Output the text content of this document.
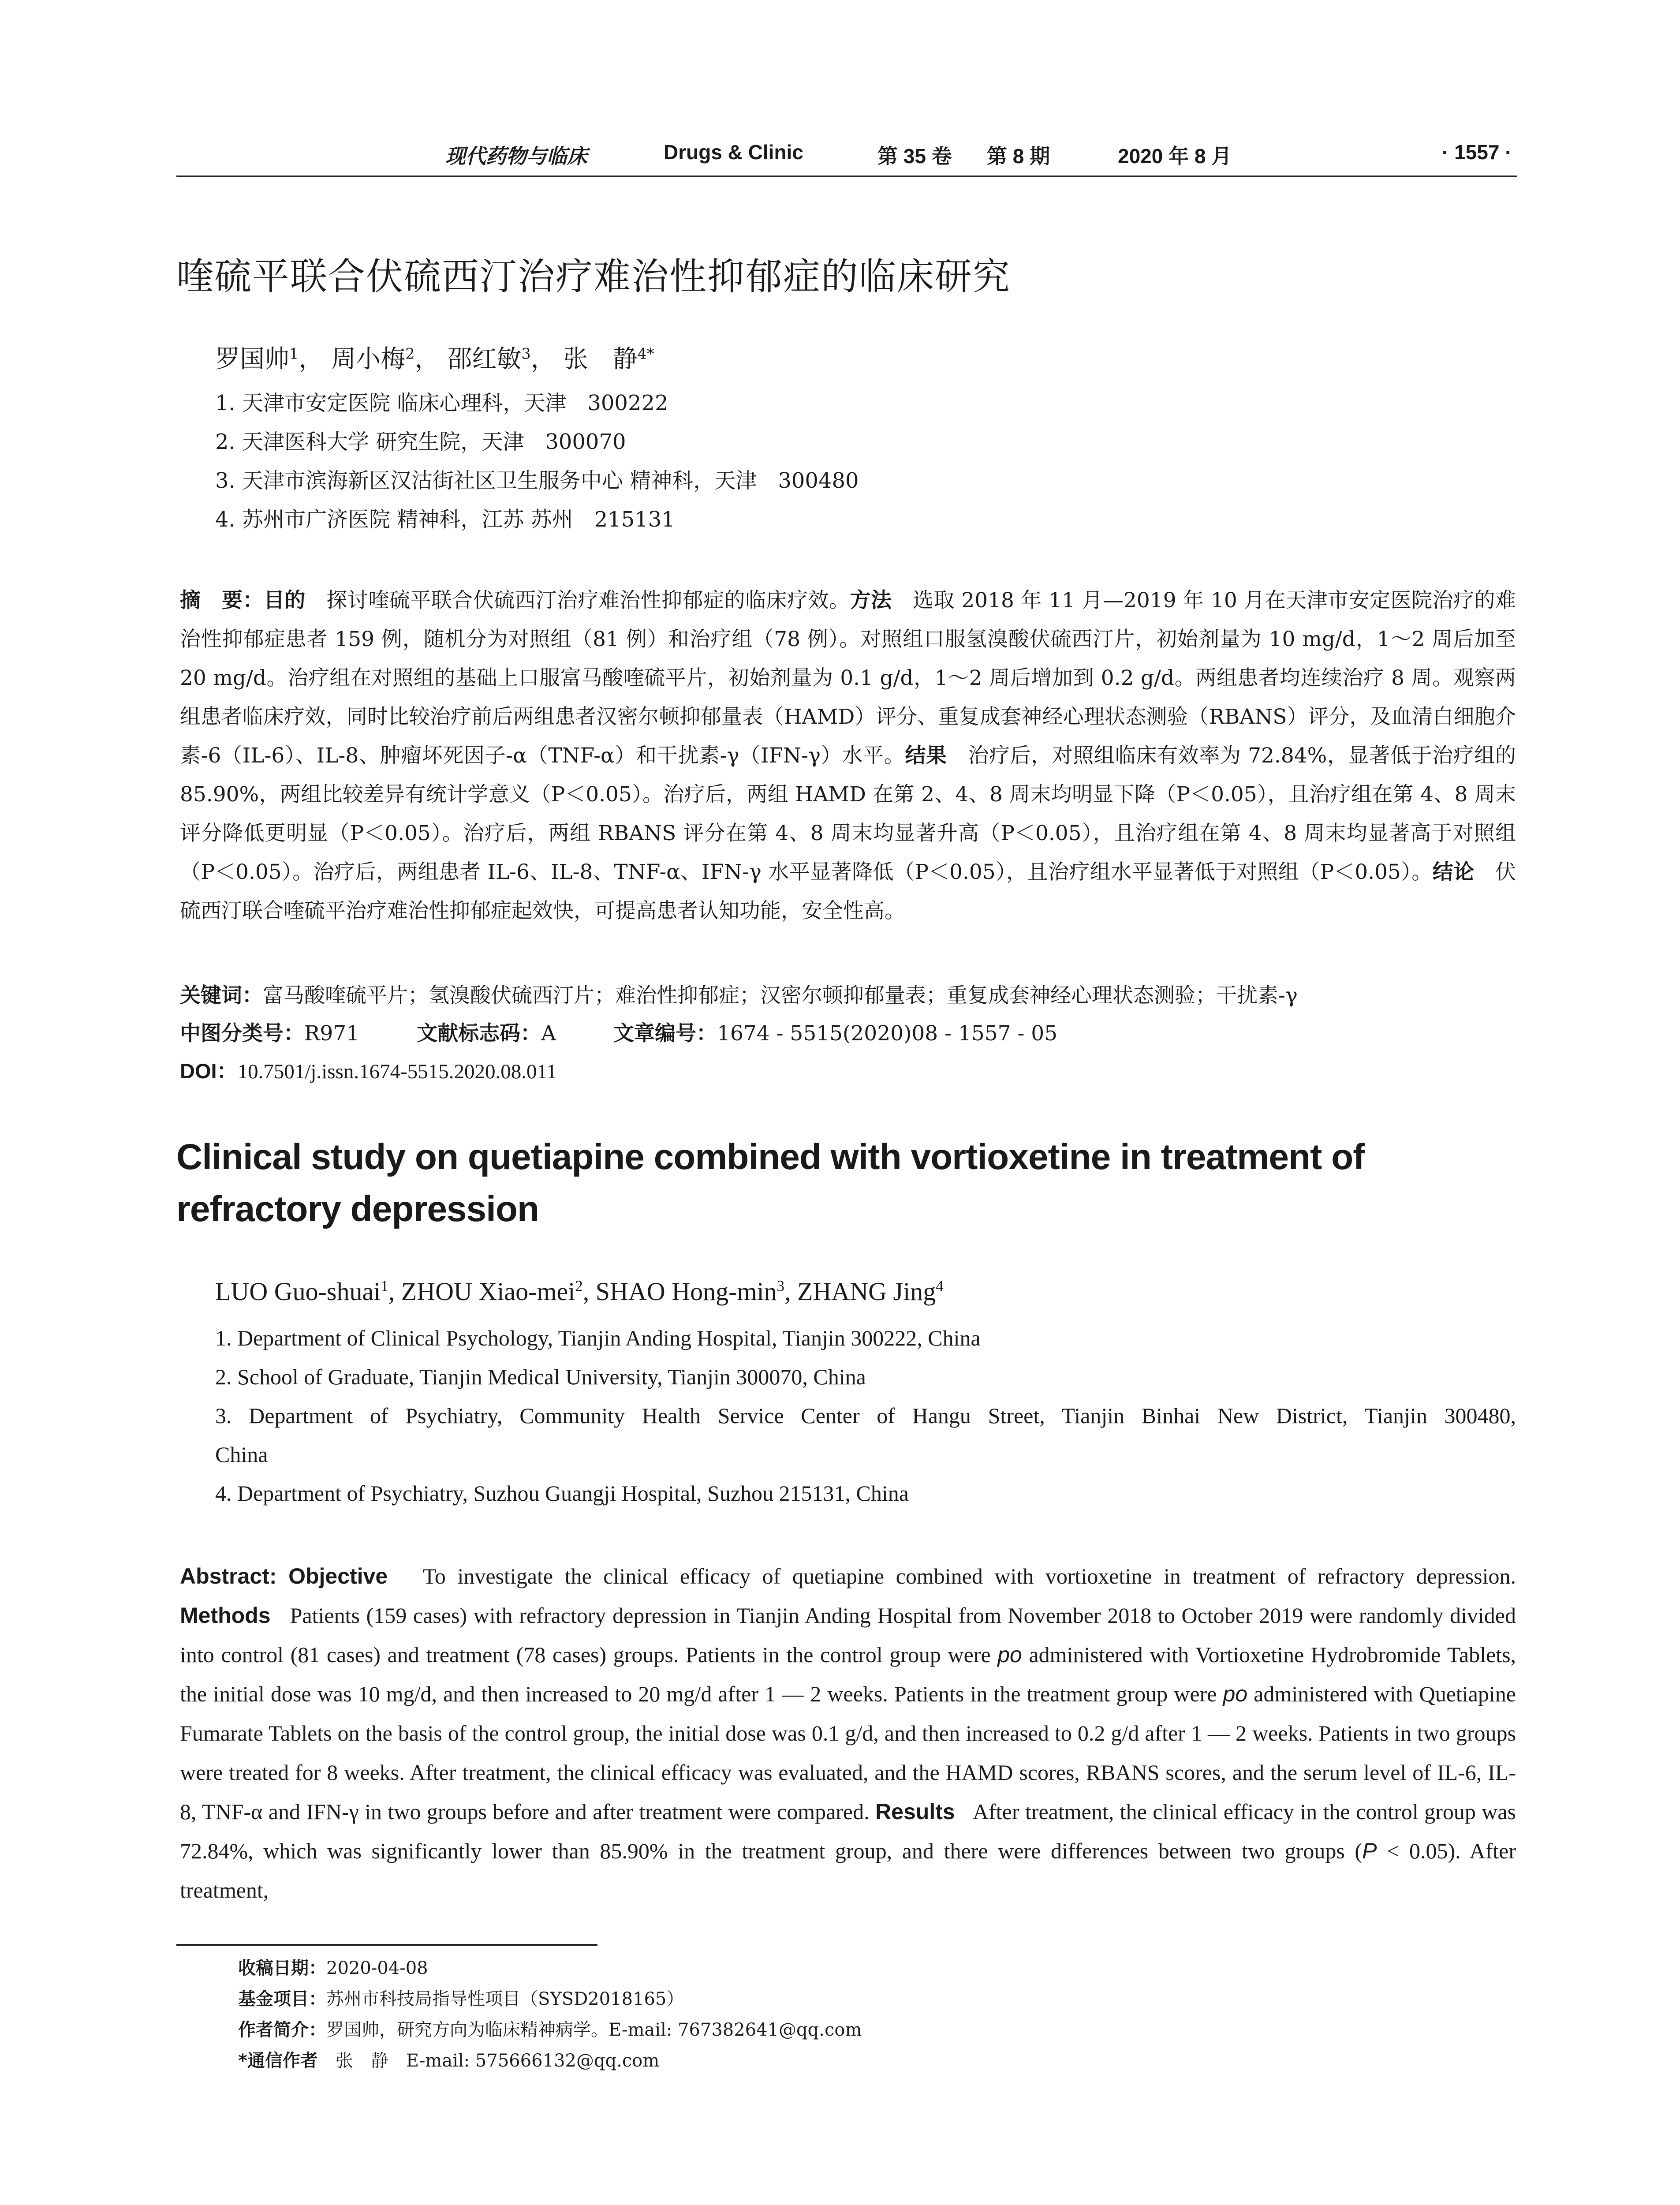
现代药物与临床	Drugs & Clinic	第 35 卷 第 8 期	2020 年 8 月	· 1557 ·
喹硫平联合伏硫西汀治疗难治性抑郁症的临床研究
罗国帅$^1$， 周小梅$^2$， 邵红敏$^3$， 张　静$^{4*}$
1. 天津市安定医院 临床心理科，天津　300222
2. 天津医科大学 研究生院，天津　300070
3. 天津市滨海新区汉沽街社区卫生服务中心 精神科，天津　300480
4. 苏州市广济医院 精神科，江苏 苏州　215131
摘　要：目的　 探讨喹硫平联合伏硫西汀治疗难治性抑郁症的临床疗效。方法　 选取 2018 年 11 月—2019 年 10 月在天津市安定医院治疗的难治性抑郁症患者 159 例，随机分为对照组（81 例）和治疗组（78 例）。对照组口服氢溴酸伏硫西汀片，初始剂量为 10 mg/d，1～2 周后加至 20 mg/d。治疗组在对照组的基础上口服富马酸喹硫平片，初始剂量为 0.1 g/d，1～2 周后增加到 0.2 g/d。两组患者均连续治疗 8 周。观察两组患者临床疗效，同时比较治疗前后两组患者汉密尔顿抑郁量表（HAMD）评分、重复成套神经心理状态测验（RBANS）评分，及血清白细胞介素-6（IL-6）、IL-8、肿瘤坏死因子-α（TNF-α）和干扰素-γ（IFN-γ）水平。结果　 治疗后，对照组临床有效率为 72.84%，显著低于治疗组的 85.90%，两组比较差异有统计学意义（P＜0.05）。治疗后，两组 HAMD 在第 2、4、8 周末均明显下降（P＜0.05），且治疗组在第 4、8 周末评分降低更明显（P＜0.05）。治疗后，两组 RBANS 评分在第 4、8 周末均显著升高（P＜0.05），且治疗组在第 4、8 周末均显著高于对照组（P＜0.05）。治疗后，两组患者 IL-6、IL-8、TNF-α、IFN-γ 水平显著降低（P＜0.05），且治疗组水平显著低于对照组（P＜0.05）。结论　 伏硫西汀联合喹硫平治疗难治性抑郁症起效快，可提高患者认知功能，安全性高。
关键词：富马酸喹硫平片；氢溴酸伏硫西汀片；难治性抑郁症；汉密尔顿抑郁量表；重复成套神经心理状态测验；干扰素-γ
中图分类号：R971	文献标志码：A	文章编号：1674 - 5515(2020)08 - 1557 - 05
DOI：10.7501/j.issn.1674-5515.2020.08.011
Clinical study on quetiapine combined with vortioxetine in treatment of refractory depression
LUO Guo-shuai$^1$, ZHOU Xiao-mei$^2$, SHAO Hong-$\min^3$, ZHANG Jing$^4$
1. Department of Clinical Psychology, Tianjin Anding Hospital, Tianjin 300222, China
2. School of Graduate, Tianjin Medical University, Tianjin 300070, China
3. Department of Psychiatry, Community Health Service Center of Hangu Street, Tianjin Binhai New District, Tianjin 300480,
China
4. Department of Psychiatry, Suzhou Guangji Hospital, Suzhou 215131, China
Abstract: Objective To investigate the clinical efficacy of quetiapine combined with vortioxetine in treatment of refractory depression. Methods Patients (159 cases) with refractory depression in Tianjin Anding Hospital from November 2018 to October 2019 were randomly divided into control (81 cases) and treatment (78 cases) groups. Patients in the control group were po administered with Vortioxetine Hydrobromide Tablets, the initial dose was 10 mg/d, and then increased to 20 mg/d after 1 — 2 weeks. Patients in the treatment group were po administered with Quetiapine Fumarate Tablets on the basis of the control group, the initial dose was 0.1 g/d, and then increased to 0.2 g/d after 1 — 2 weeks. Patients in two groups were treated for 8 weeks. After treatment, the clinical efficacy was evaluated, and the HAMD scores, RBANS scores, and the serum level of IL-6, IL-8, TNF-α and IFN-γ in two groups before and after treatment were compared. Results After treatment, the clinical efficacy in the control group was 72.84%, which was significantly lower than 85.90% in the treatment group, and there were differences between two groups (P < 0.05). After treatment,
收稿日期：2020-04-08
基金项目：苏州市科技局指导性项目（SYSD2018165）
作者简介：罗国帅，研究方向为临床精神病学。E-mail: 767382641@qq.com
*通信作者　张　静　E-mail: 575666132@qq.com
